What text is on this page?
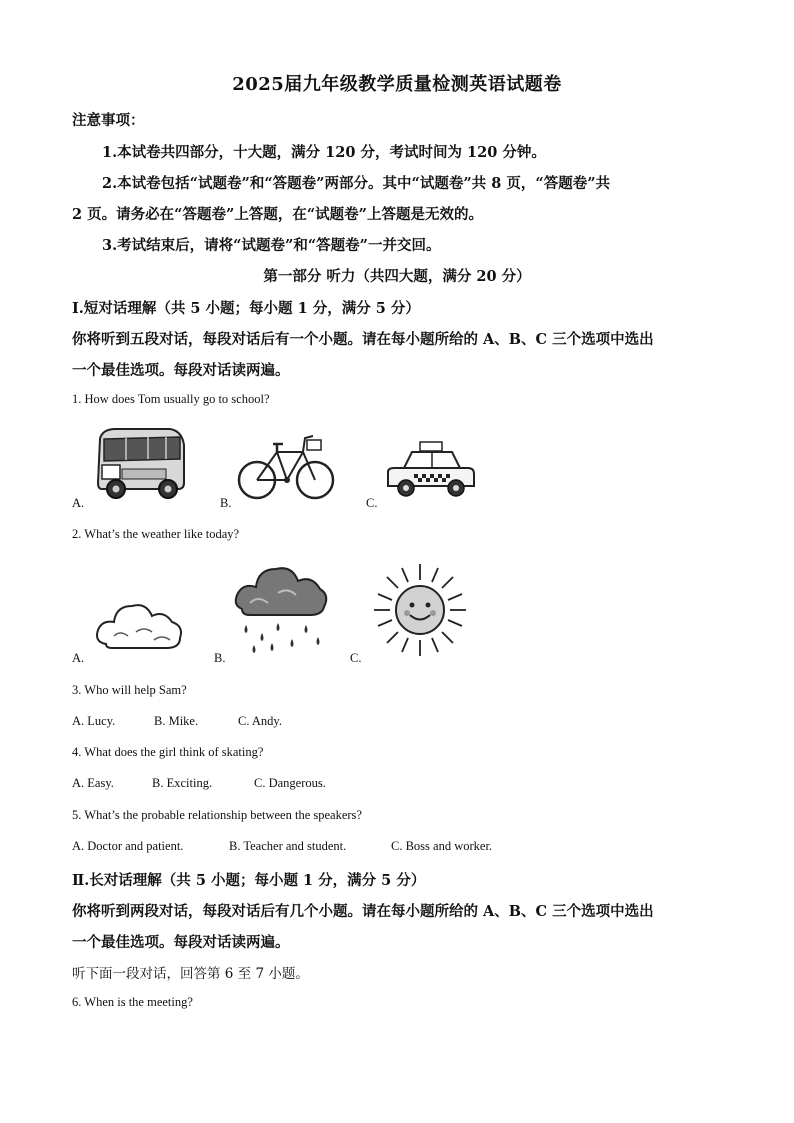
2025届九年级教学质量检测英语试题卷
注意事项：
1.本试卷共四部分，十大题，满分 120 分，考试时间为 120 分钟。
2.本试卷包括“试题卷”和“答题卷”两部分。其中“试题卷”共 8 页，“答题卷”共
2 页。请务必在“答题卷”上答题，在“试题卷”上答题是无效的。
3.考试结束后，请将“试题卷”和“答题卷”一并交回。
第一部分 听力（共四大题，满分 20 分）
Ⅰ.短对话理解（共 5 小题；每小题 1 分，满分 5 分）
你将听到五段对话，每段对话后有一个小题。请在每小题所给的 A、B、C 三个选项中选出
一个最佳选项。每段对话读两遍。
1. How does Tom usually go to school?
A.	B.	C.
2. What’s the weather like today?
A.	B.	C.
3. Who will help Sam?
A. Lucy.	B. Mike.	C. Andy.
4. What does the girl think of skating?
A. Easy.	B. Exciting.	C. Dangerous.
5. What’s the probable relationship between the speakers?
A. Doctor and patient.	B. Teacher and student.	C. Boss and worker.
Ⅱ.长对话理解（共 5 小题；每小题 1 分，满分 5 分）
你将听到两段对话，每段对话后有几个小题。请在每小题所给的 A、B、C 三个选项中选出
一个最佳选项。每段对话读两遍。
听下面一段对话，回答第 6 至 7 小题。
6. When is the meeting?
